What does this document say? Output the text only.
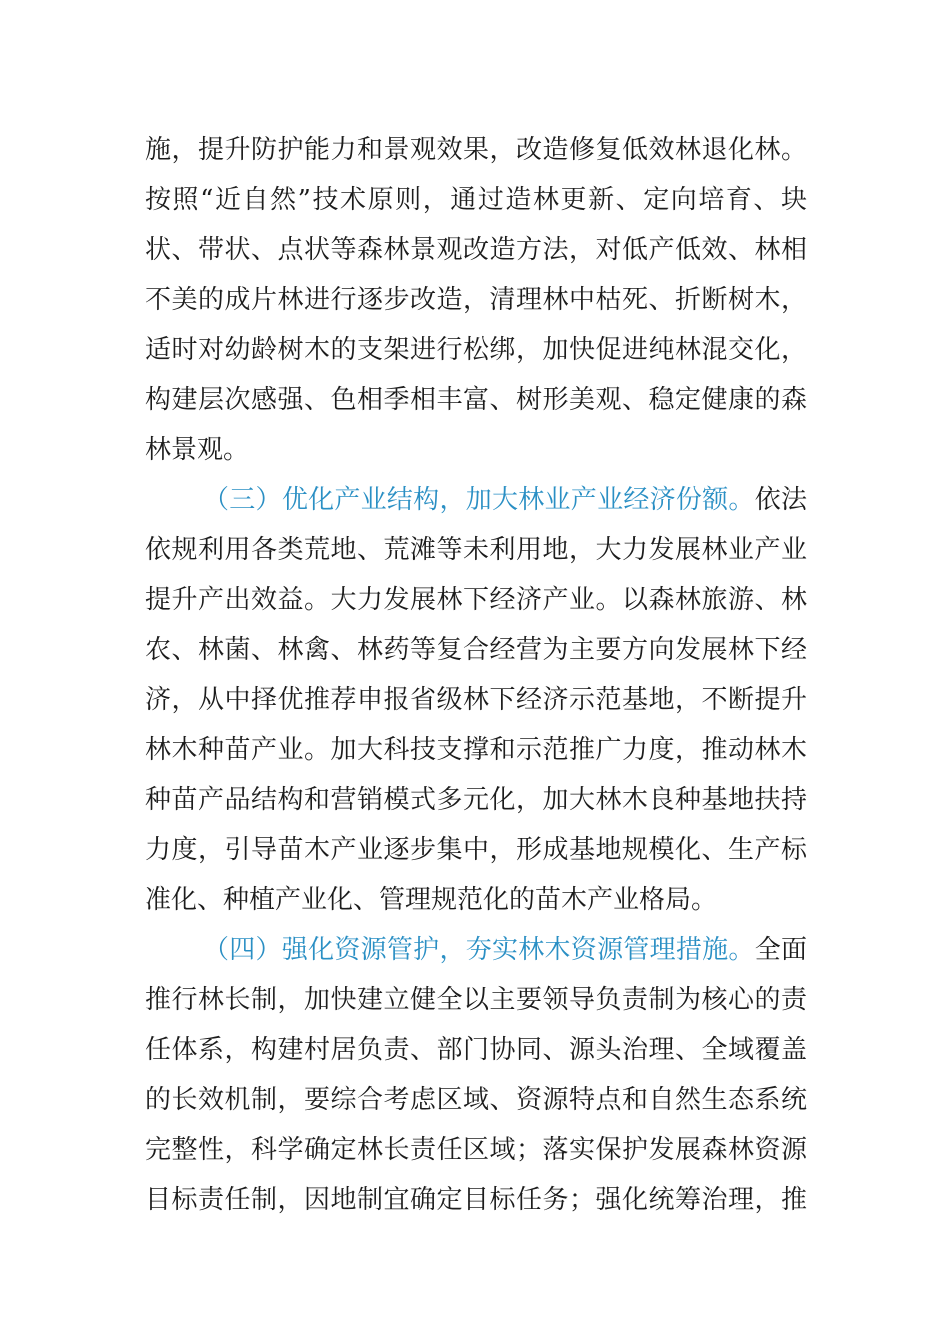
施，提升防护能力和景观效果，改造修复低效林退化林。
按照“近自然”技术原则，通过造林更新、定向培育、块
状、带状、点状等森林景观改造方法，对低产低效、林相
不美的成片林进行逐步改造，清理林中枯死、折断树木，
适时对幼龄树木的支架进行松绑，加快促进纯林混交化，
构建层次感强、色相季相丰富、树形美观、稳定健康的森
林景观。
（三）优化产业结构，加大林业产业经济份额。依法
依规利用各类荒地、荒滩等未利用地，大力发展林业产业
提升产出效益。大力发展林下经济产业。以森林旅游、林
农、林菌、林禽、林药等复合经营为主要方向发展林下经
济，从中择优推荐申报省级林下经济示范基地，不断提升
林木种苗产业。加大科技支撑和示范推广力度，推动林木
种苗产品结构和营销模式多元化，加大林木良种基地扶持
力度，引导苗木产业逐步集中，形成基地规模化、生产标
准化、种植产业化、管理规范化的苗木产业格局。
（四）强化资源管护，夯实林木资源管理措施。全面
推行林长制，加快建立健全以主要领导负责制为核心的责
任体系，构建村居负责、部门协同、源头治理、全域覆盖
的长效机制，要综合考虑区域、资源特点和自然生态系统
完整性，科学确定林长责任区域；落实保护发展森林资源
目标责任制，因地制宜确定目标任务；强化统筹治理，推
